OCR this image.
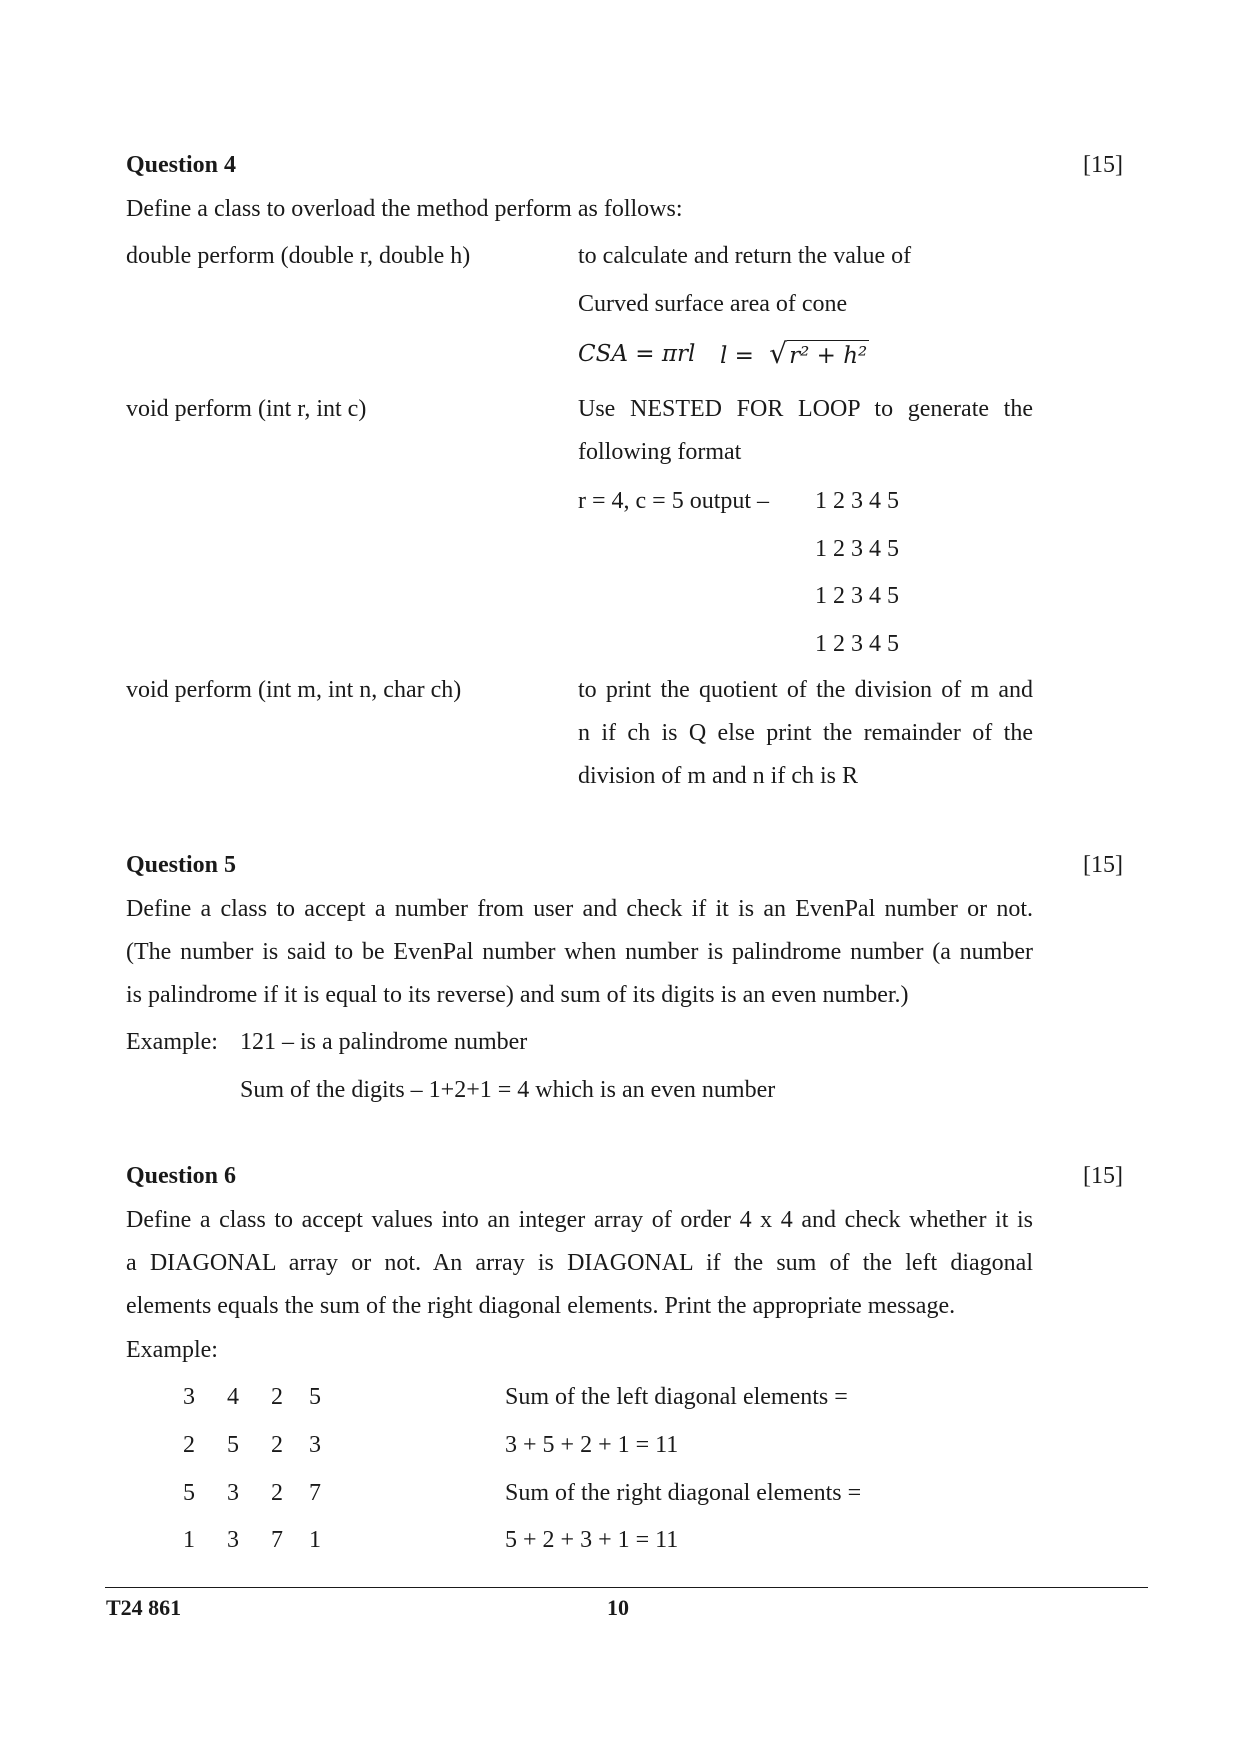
Question 4	[15]
Define a class to overload the method perform as follows:
double perform (double r, double h)	to calculate and return the value of
Curved surface area of cone
CSA = πrl l = √r² + h²
void perform (int r, int c)	Use NESTED FOR LOOP to generate the
following format
r = 4, c = 5 output – 1 2 3 4 5
1 2 3 4 5
1 2 3 4 5
1 2 3 4 5
void perform (int m, int n, char ch)	to print the quotient of the division of m and
n if ch is Q else print the remainder of the
division of m and n if ch is R
Question 5	[15]
Define a class to accept a number from user and check if it is an EvenPal number or not.
(The number is said to be EvenPal number when number is palindrome number (a number
is palindrome if it is equal to its reverse) and sum of its digits is an even number.)
Example: 121 – is a palindrome number
Sum of the digits – 1+2+1 = 4 which is an even number
Question 6	[15]
Define a class to accept values into an integer array of order 4 x 4 and check whether it is
a DIAGONAL array or not. An array is DIAGONAL if the sum of the left diagonal
elements equals the sum of the right diagonal elements. Print the appropriate message.
Example:
3	4	2	5
2	5	2	3
5	3	2	7
1	3	7	1
Sum of the left diagonal elements =
3 + 5 + 2 + 1 = 11
Sum of the right diagonal elements =
5 + 2 + 3 + 1 = 11
T24 861	10
